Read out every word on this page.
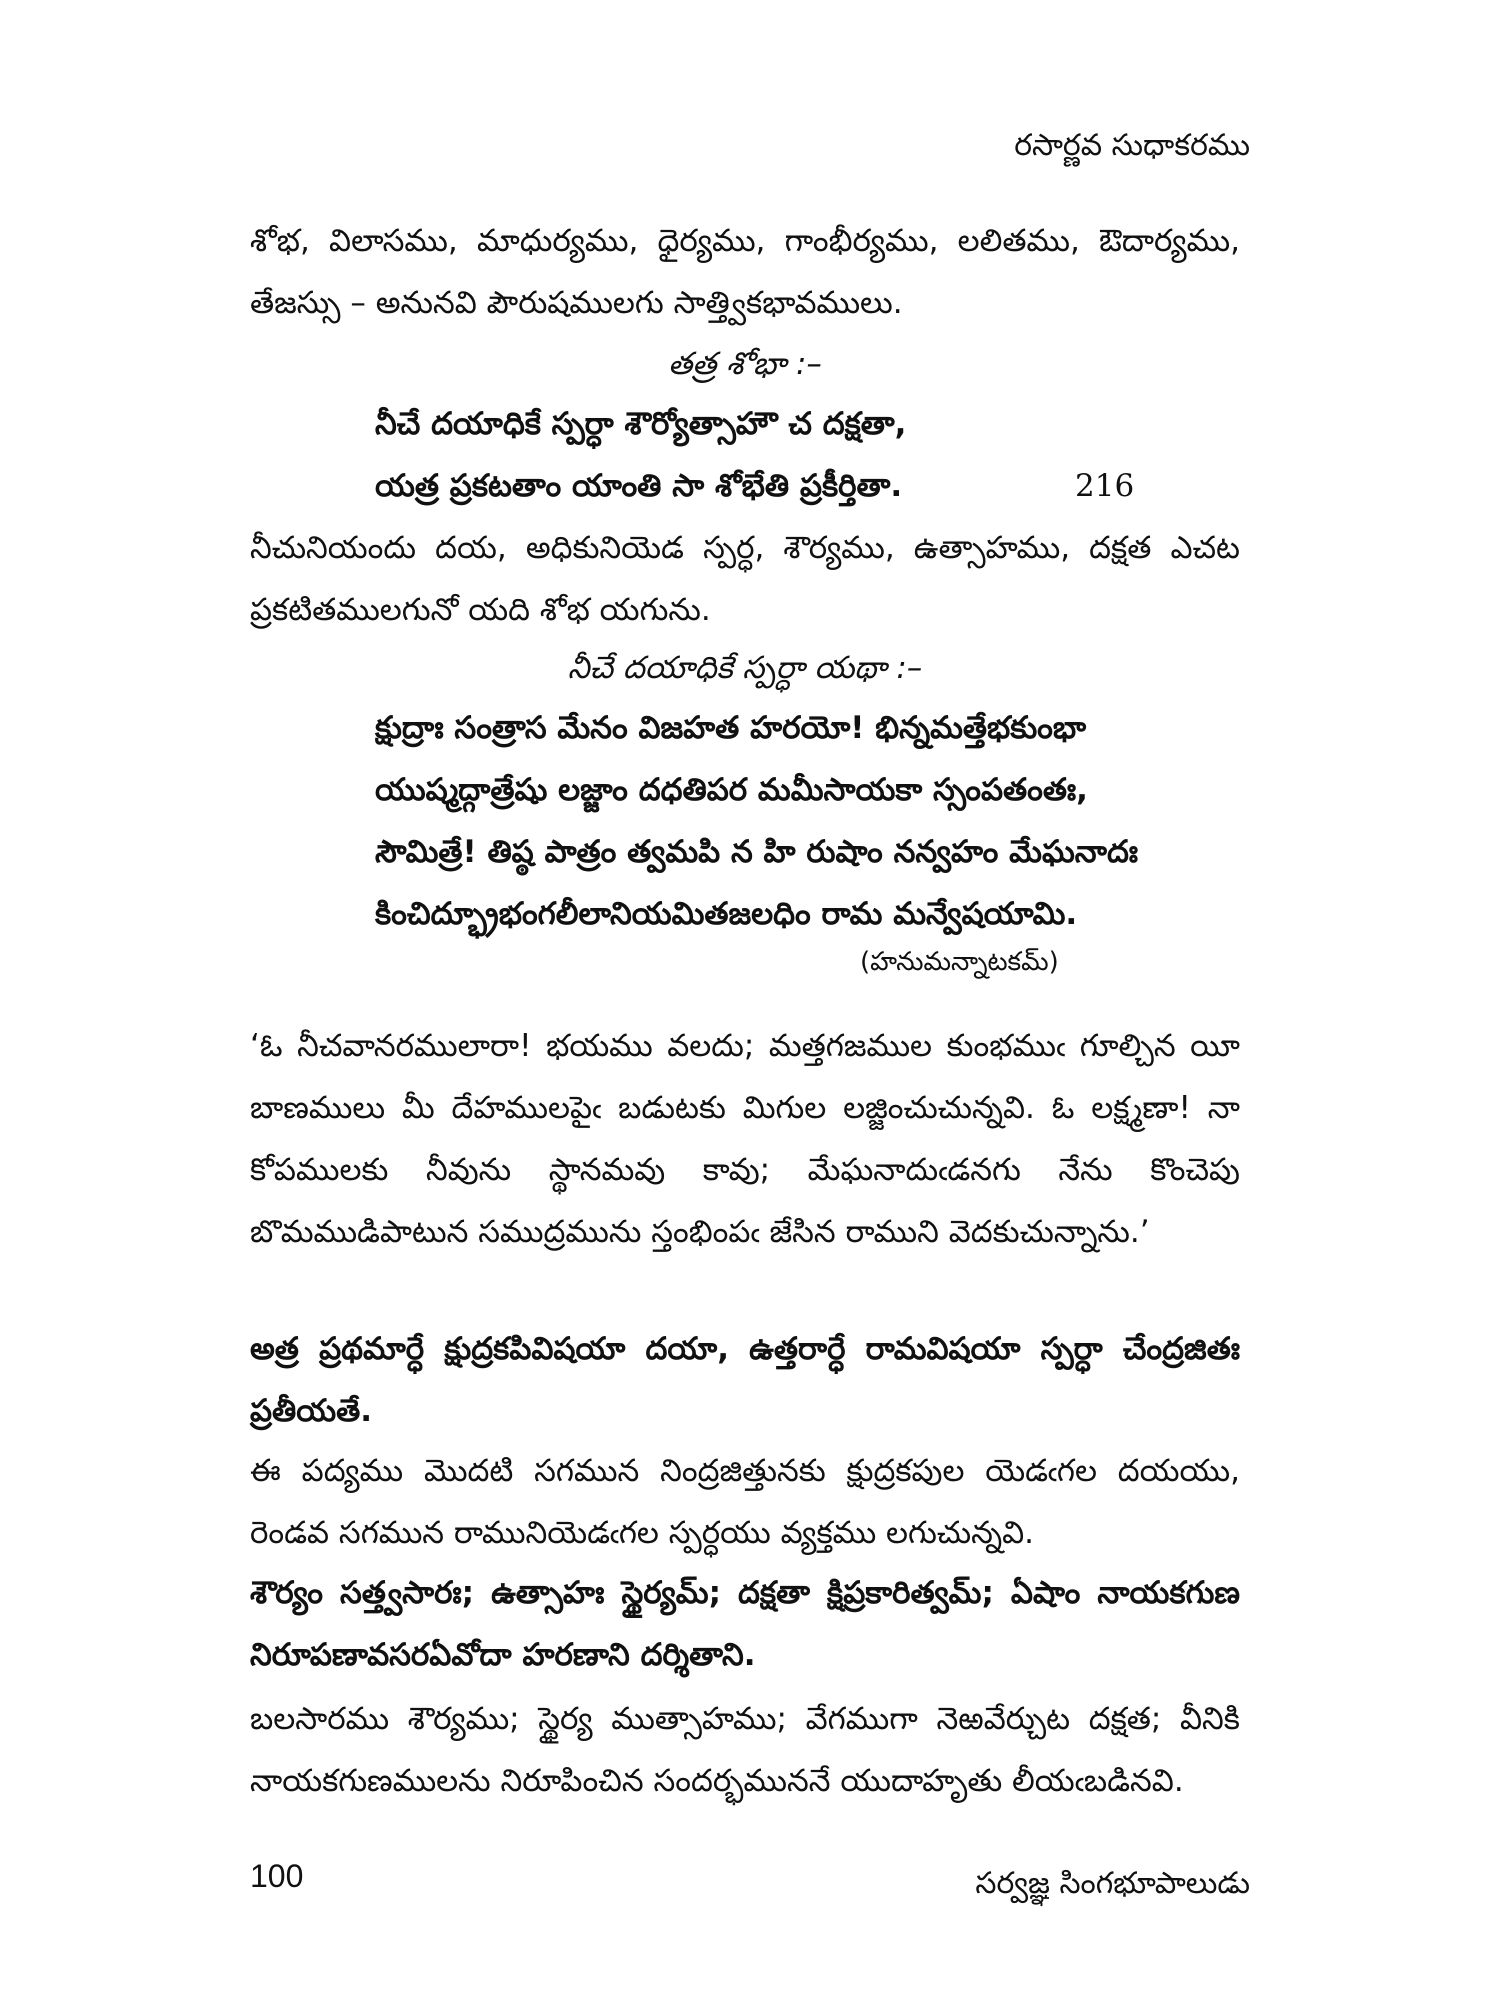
రసార్ణవ సుధాకరము

శోభ, విలాసము, మాధుర్యము, ధైర్యము, గాంభీర్యము, లలితము, ఔదార్యము, తేజస్సు – అనునవి పౌరుషములగు సాత్త్వికభావములు.

తత్ర శోభా :–

నీచే దయాధికే స్పర్ధా శౌర్యోత్సాహౌ చ దక్షతా,
యత్ర ప్రకటతాం యాంతి సా శోభేతి ప్రకీర్తితా.	216

నీచునియందు దయ, అధికునియెడ స్పర్ధ, శౌర్యము, ఉత్సాహము, దక్షత ఎచట ప్రకటితములగునో యది శోభ యగును.

నీచే దయాధికే స్పర్ధా యథా :–

క్షుద్రాః సంత్రాస మేనం విజహత హరయో! భిన్నమత్తేభకుంభా
యుష్మద్గాత్రేషు లజ్జాం దధతిపర మమీసాయకా స్సంపతంతః,
సౌమిత్రే! తిష్ఠ పాత్రం త్వమపి న హి రుషాం నన్వహం మేఘనాదః
కించిద్భ్రూభంగలీలానియమితజలధిం రామ మన్వేషయామి.
(హనుమన్నాటకమ్)

‘ఓ నీచవానరములారా! భయము వలదు; మత్తగజముల కుంభముఁ గూల్చిన యీ బాణములు మీ దేహములపైఁ బడుటకు మిగుల లజ్జించుచున్నవి. ఓ లక్ష్మణా! నా కోపములకు నీవును స్థానమవు కావు; మేఘనాదుఁడనగు నేను కొంచెపు బొమముడిపాటున సముద్రమును స్తంభింపఁ జేసిన రాముని వెదకుచున్నాను.’

అత్ర ప్రథమార్ధే క్షుద్రకపివిషయా దయా, ఉత్తరార్ధే రామవిషయా స్పర్ధా చేంద్రజితః ప్రతీయతే.

ఈ పద్యము మొదటి సగమున నింద్రజిత్తునకు క్షుద్రకపుల యెడఁగల దయయు, రెండవ సగమున రామునియెడఁగల స్పర్ధయు వ్యక్తము లగుచున్నవి.

శౌర్యం సత్త్వసారః; ఉత్సాహః స్థైర్యమ్; దక్షతా క్షిప్రకారిత్వమ్; ఏషాం నాయకగుణ నిరూపణావసరఏవోదా హరణాని దర్శితాని.

బలసారము శౌర్యము; స్థైర్య ముత్సాహము; వేగముగా నెఱవేర్చుట దక్షత; వీనికి నాయకగుణములను నిరూపించిన సందర్భముననే యుదాహృతు లీయఁబడినవి.

100	సర్వజ్ఞ సింగభూపాలుడు
